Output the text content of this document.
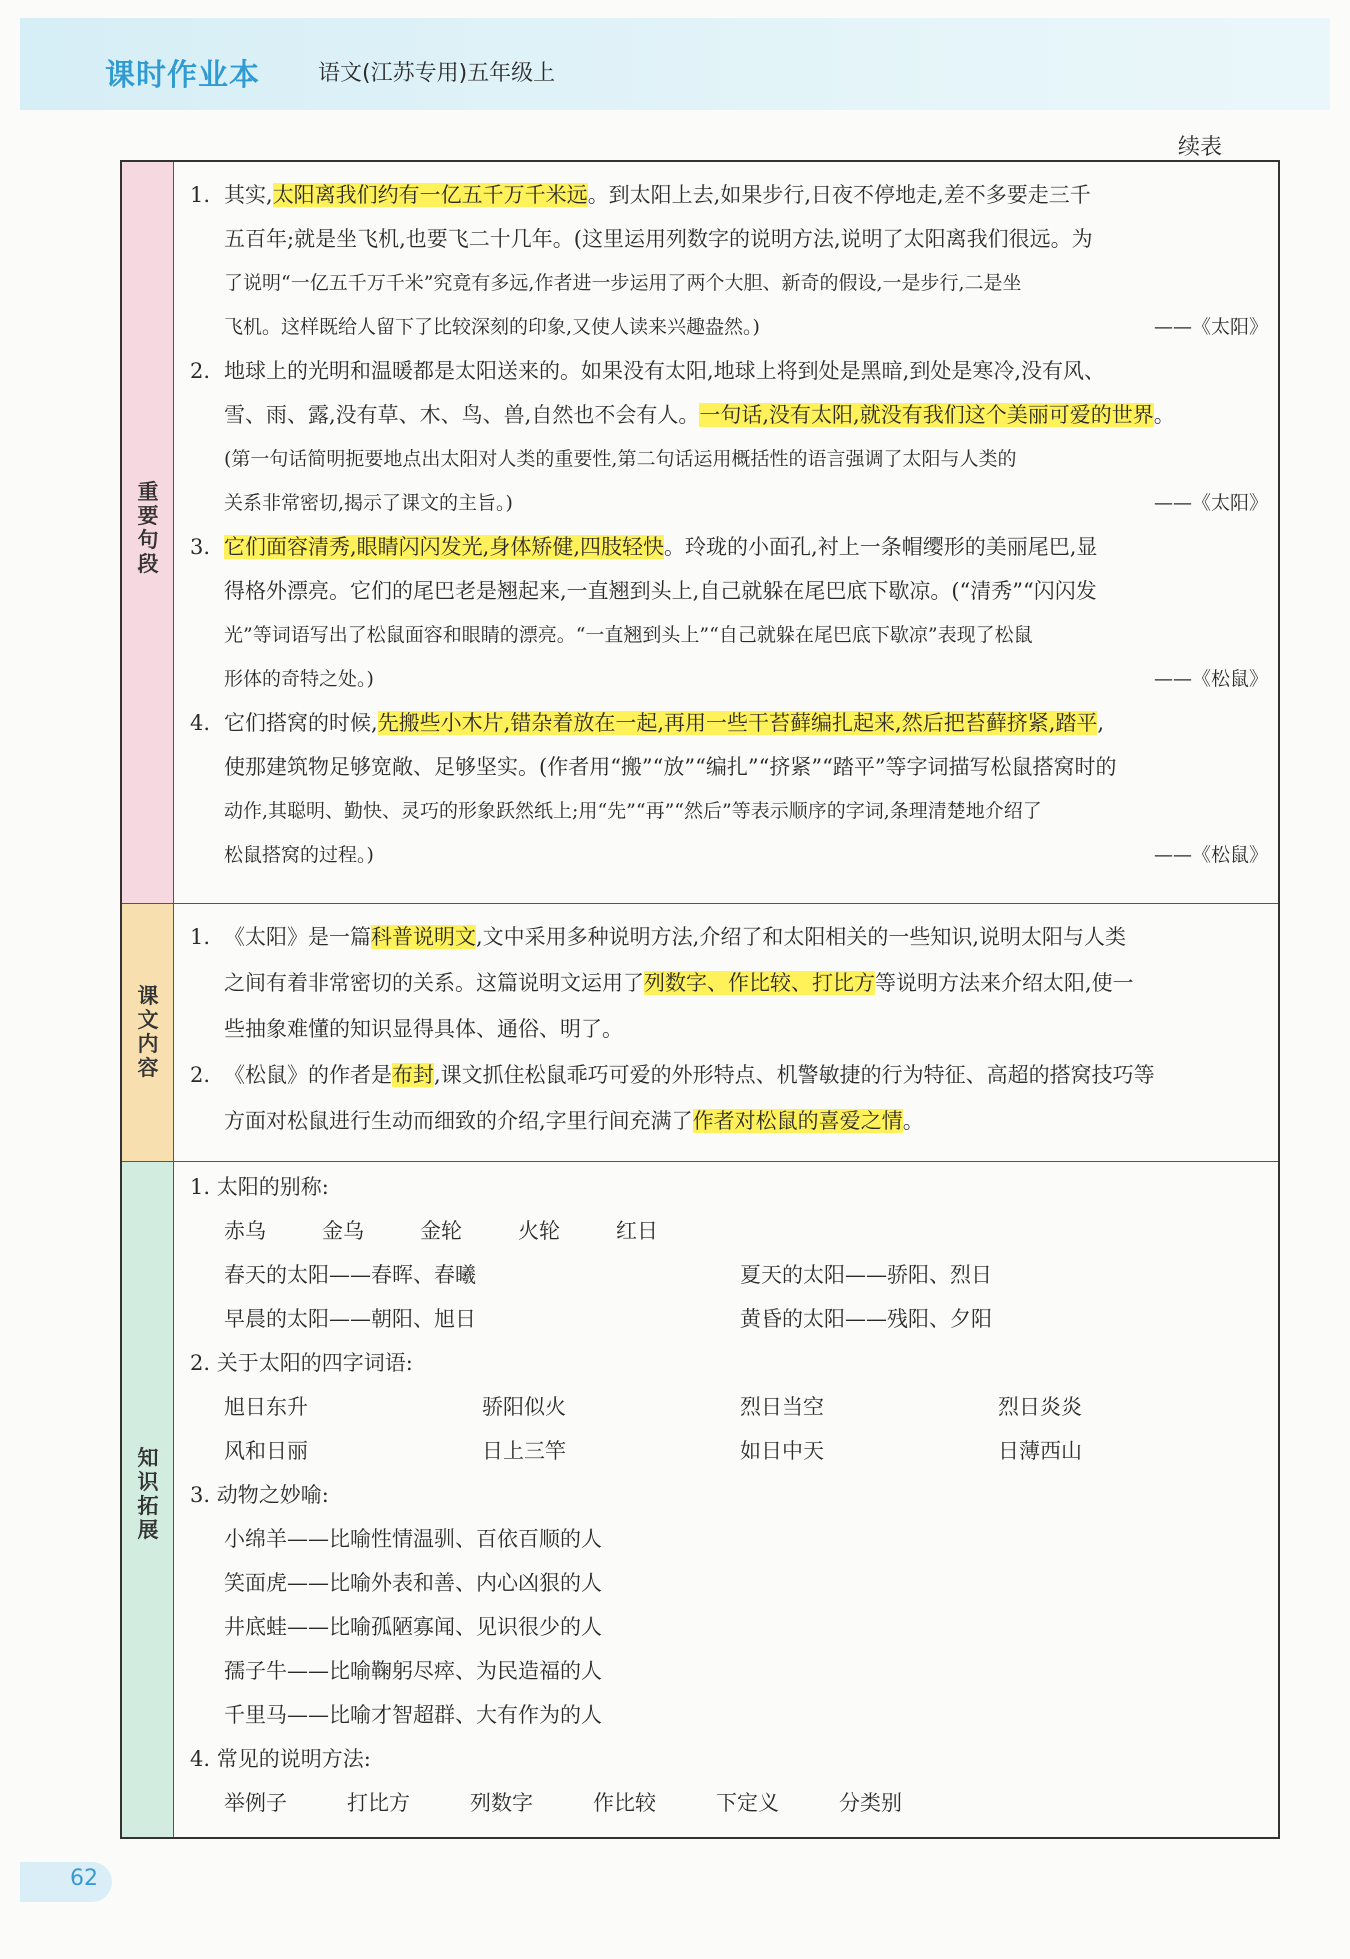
课时作业本	语文(江苏专用)五年级上
续表
重
要
句
段
1. 其实,太阳离我们约有一亿五千万千米远。到太阳上去,如果步行,日夜不停地走,差不多要走三千
五百年;就是坐飞机,也要飞二十几年。(这里运用列数字的说明方法,说明了太阳离我们很远。为
了说明“一亿五千万千米”究竟有多远,作者进一步运用了两个大胆、新奇的假设,一是步行,二是坐
飞机。这样既给人留下了比较深刻的印象,又使人读来兴趣盎然。)	——《太阳》
2. 地球上的光明和温暖都是太阳送来的。如果没有太阳,地球上将到处是黑暗,到处是寒冷,没有风、
雪、雨、露,没有草、木、鸟、兽,自然也不会有人。一句话,没有太阳,就没有我们这个美丽可爱的世界。
(第一句话简明扼要地点出太阳对人类的重要性,第二句话运用概括性的语言强调了太阳与人类的
关系非常密切,揭示了课文的主旨。)	——《太阳》
3. 它们面容清秀,眼睛闪闪发光,身体矫健,四肢轻快。玲珑的小面孔,衬上一条帽缨形的美丽尾巴,显
得格外漂亮。它们的尾巴老是翘起来,一直翘到头上,自己就躲在尾巴底下歇凉。(“清秀”“闪闪发
光”等词语写出了松鼠面容和眼睛的漂亮。“一直翘到头上”“自己就躲在尾巴底下歇凉”表现了松鼠
形体的奇特之处。)	——《松鼠》
4. 它们搭窝的时候,先搬些小木片,错杂着放在一起,再用一些干苔藓编扎起来,然后把苔藓挤紧,踏平,
使那建筑物足够宽敞、足够坚实。(作者用“搬”“放”“编扎”“挤紧”“踏平”等字词描写松鼠搭窝时的
动作,其聪明、勤快、灵巧的形象跃然纸上;用“先”“再”“然后”等表示顺序的字词,条理清楚地介绍了
松鼠搭窝的过程。)	——《松鼠》
课
文
内
容
1. 《太阳》是一篇科普说明文,文中采用多种说明方法,介绍了和太阳相关的一些知识,说明太阳与人类
之间有着非常密切的关系。这篇说明文运用了列数字、作比较、打比方等说明方法来介绍太阳,使一
些抽象难懂的知识显得具体、通俗、明了。
2. 《松鼠》的作者是布封,课文抓住松鼠乖巧可爱的外形特点、机警敏捷的行为特征、高超的搭窝技巧等
方面对松鼠进行生动而细致的介绍,字里行间充满了作者对松鼠的喜爱之情。
知
识
拓
展
1. 太阳的别称:
赤乌	金乌	金轮	火轮	红日
春天的太阳——春晖、春曦	夏天的太阳——骄阳、烈日
早晨的太阳——朝阳、旭日	黄昏的太阳——残阳、夕阳
2. 关于太阳的四字词语:
旭日东升	骄阳似火	烈日当空	烈日炎炎
风和日丽	日上三竿	如日中天	日薄西山
3. 动物之妙喻:
小绵羊——比喻性情温驯、百依百顺的人
笑面虎——比喻外表和善、内心凶狠的人
井底蛙——比喻孤陋寡闻、见识很少的人
孺子牛——比喻鞠躬尽瘁、为民造福的人
千里马——比喻才智超群、大有作为的人
4. 常见的说明方法:
举例子	打比方	列数字	作比较	下定义	分类别
62
